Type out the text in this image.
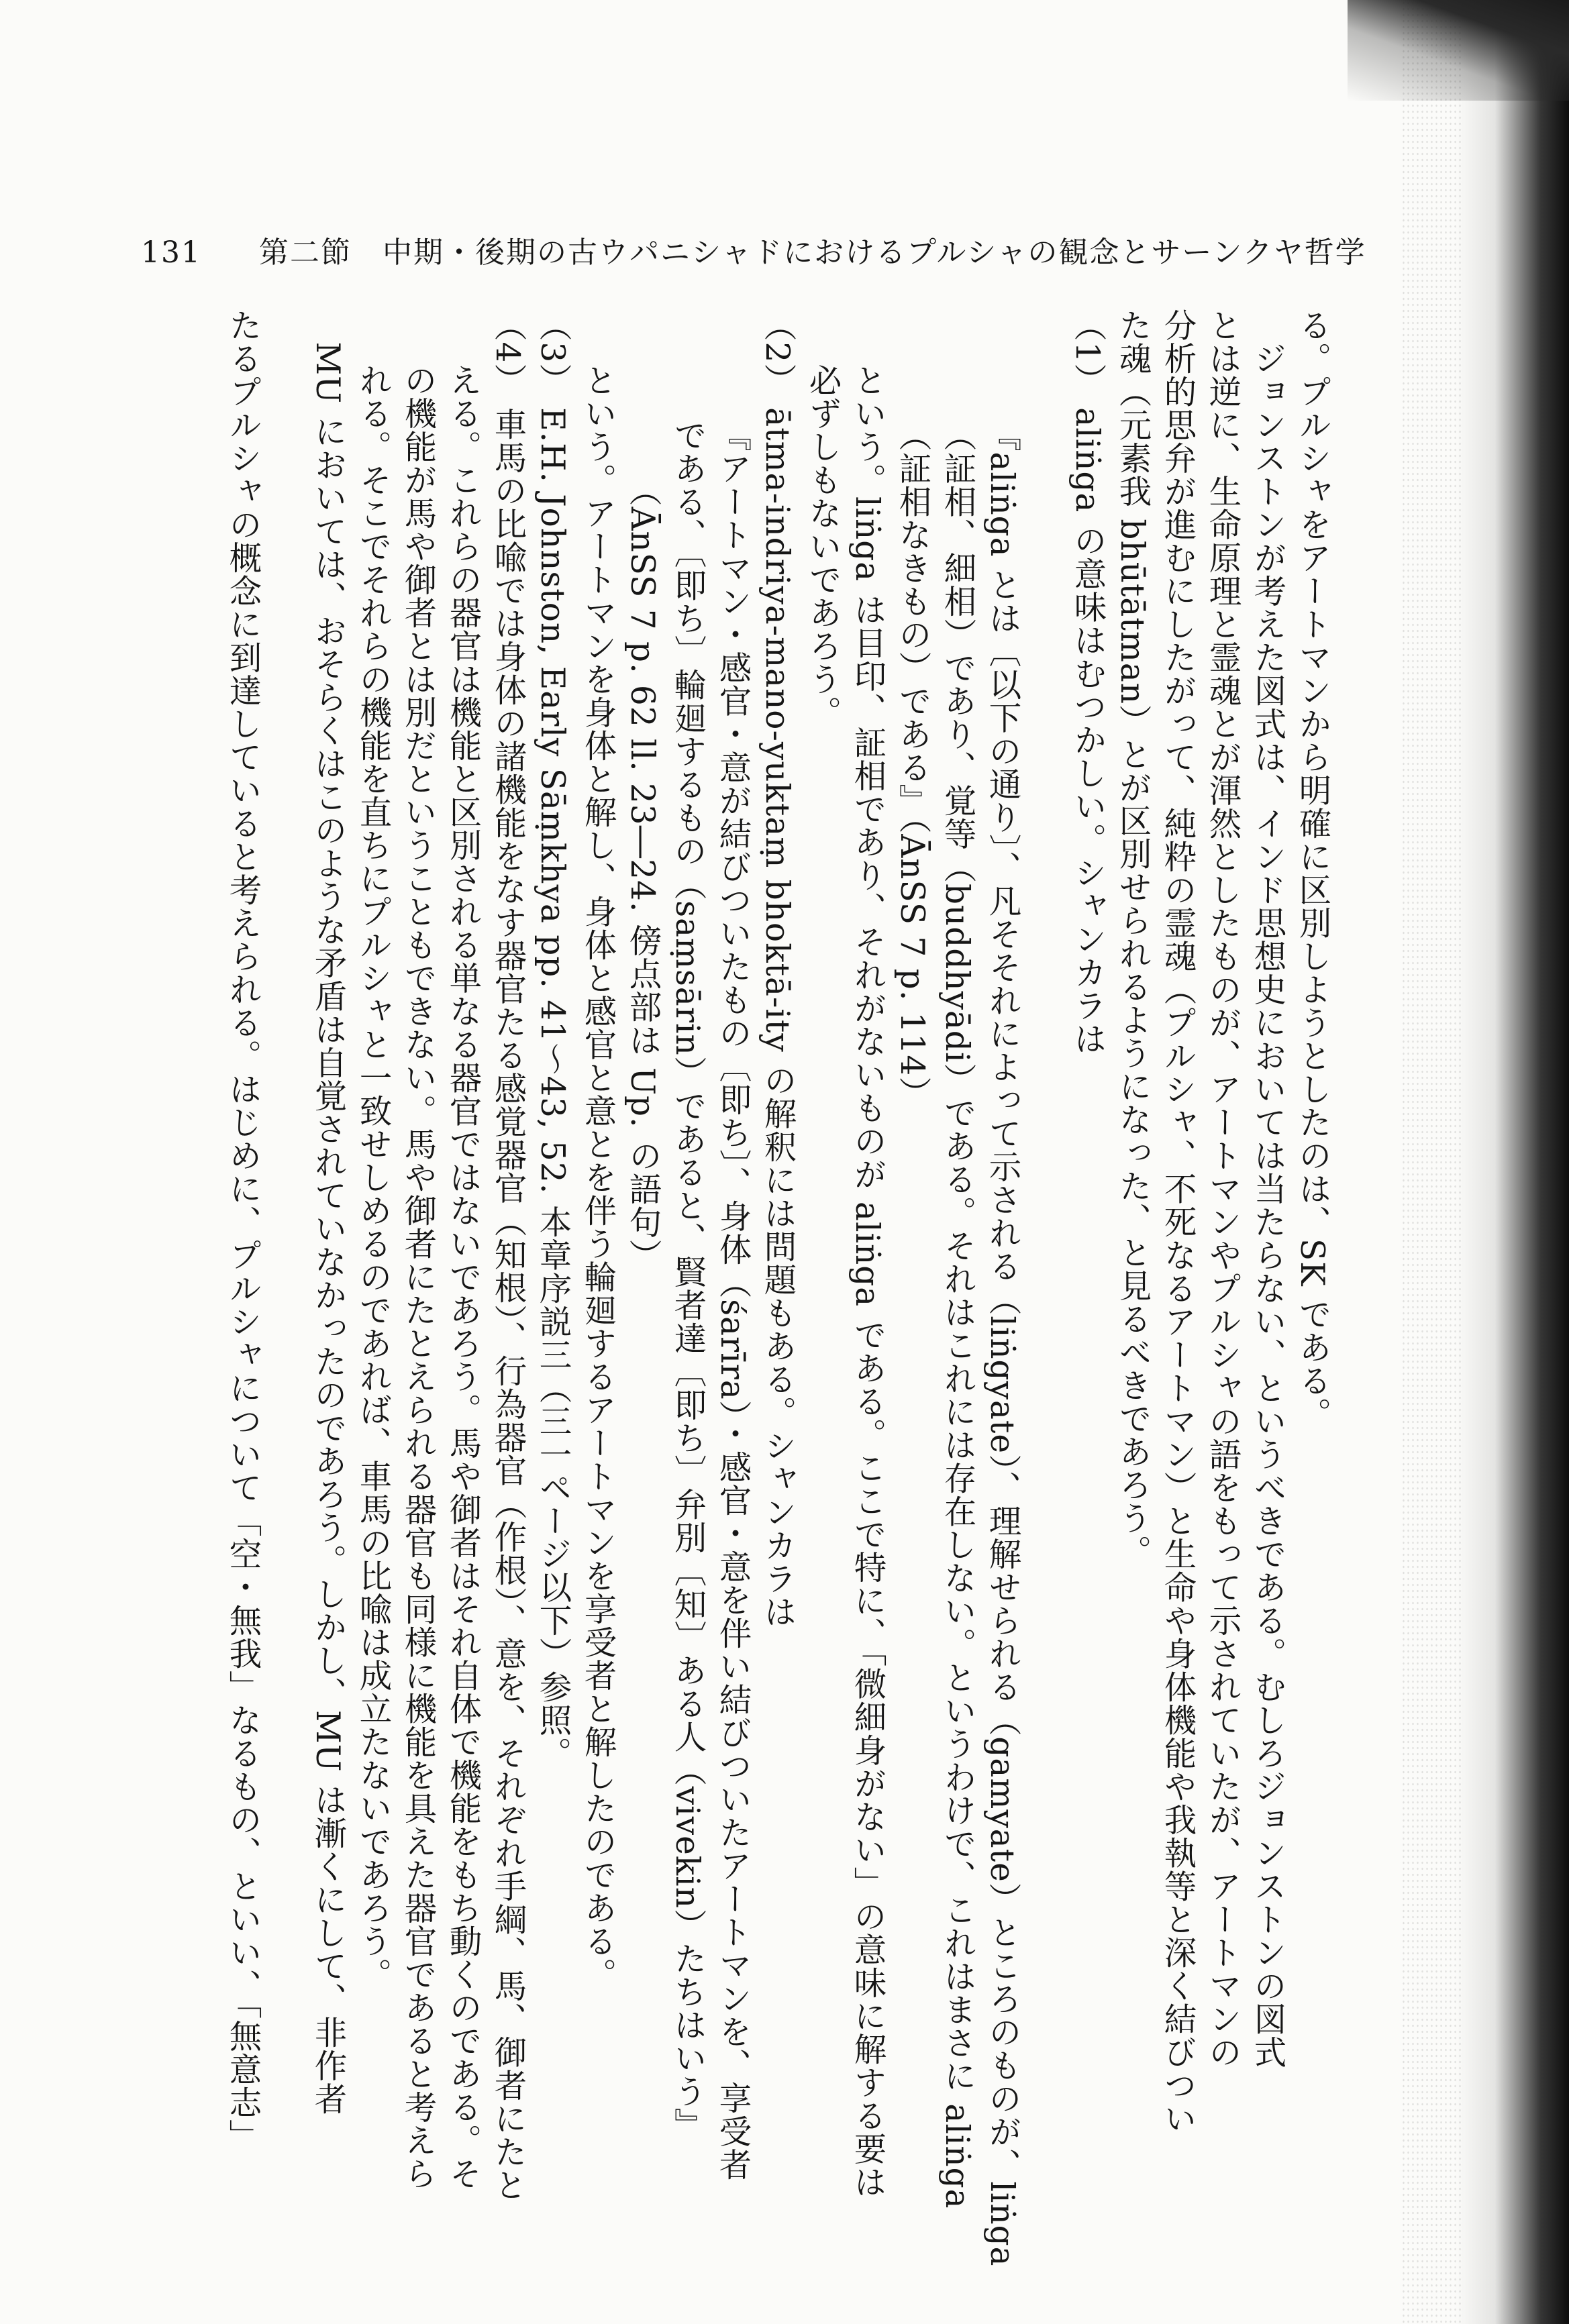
131 第二節　中期・後期の古ウパニシャドにおけるプルシャの観念とサーンクヤ哲学
る。プルシャをアートマンから明確に区別しようとしたのは、SK である。
　ジョンストンが考えた図式は、インド思想史においては当たらない、というべきである。むしろジョンストンの図式
とは逆に、生命原理と霊魂とが渾然としたものが、アートマンやプルシャの語をもって示されていたが、アートマンの
分析的思弁が進むにしたがって、純粋の霊魂（プルシャ、不死なるアートマン）と生命や身体機能や我執等と深く結びつい
た魂（元素我 bhūtātman）とが区別せられるようになった、と見るべきであろう。
（1） aliṅga の意味はむつかしい。シャンカラは
『aliṅga とは〔以下の通り〕、凡そそれによって示される（liṅgyate）、理解せられる（gamyate）ところのものが、liṅga
（証相、細相）であり、覚等（buddhyādi）である。それはこれには存在しない。というわけで、これはまさに aliṅga
（証相なきもの）である』（ĀnSS 7 p. 114）
という。liṅga は目印、証相であり、それがないものが aliṅga である。ここで特に、「微細身がない」の意味に解する要は
必ずしもないであろう。
（2） ātma-indriya-mano-yuktaṃ bhoktā-ity の解釈には問題もある。シャンカラは
『アートマン・感官・意が結びついたもの〔即ち〕、身体（śarīra）・感官・意を伴い結びついたアートマンを、享受者
である、〔即ち〕輪廻するもの（saṃsārin）であると、賢者達〔即ち〕弁別〔知〕ある人（vivekin）たちはいう』
（ĀnSS 7 p. 62 ll. 23―24. 傍点部は Up. の語句）
という。アートマンを身体と解し、身体と感官と意とを伴う輪廻するアートマンを享受者と解したのである。
（3） E.H. Johnston, Early Sāṃkhya pp. 41～43, 52. 本章序説三（三一ページ以下）参照。
（4） 車馬の比喩では身体の諸機能をなす器官たる感覚器官（知根）、行為器官（作根）、意を、それぞれ手綱、馬、御者にたと
える。これらの器官は機能と区別される単なる器官ではないであろう。馬や御者はそれ自体で機能をもち動くのである。そ
の機能が馬や御者とは別だということもできない。馬や御者にたとえられる器官も同様に機能を具えた器官であると考えら
れる。そこでそれらの機能を直ちにプルシャと一致せしめるのであれば、車馬の比喩は成立たないであろう。
　MU においては、おそらくはこのような矛盾は自覚されていなかったのであろう。しかし、MU は漸くにして、非作者
たるプルシャの概念に到達していると考えられる。はじめに、プルシャについて「空・無我」なるもの、といい、「無意志」
